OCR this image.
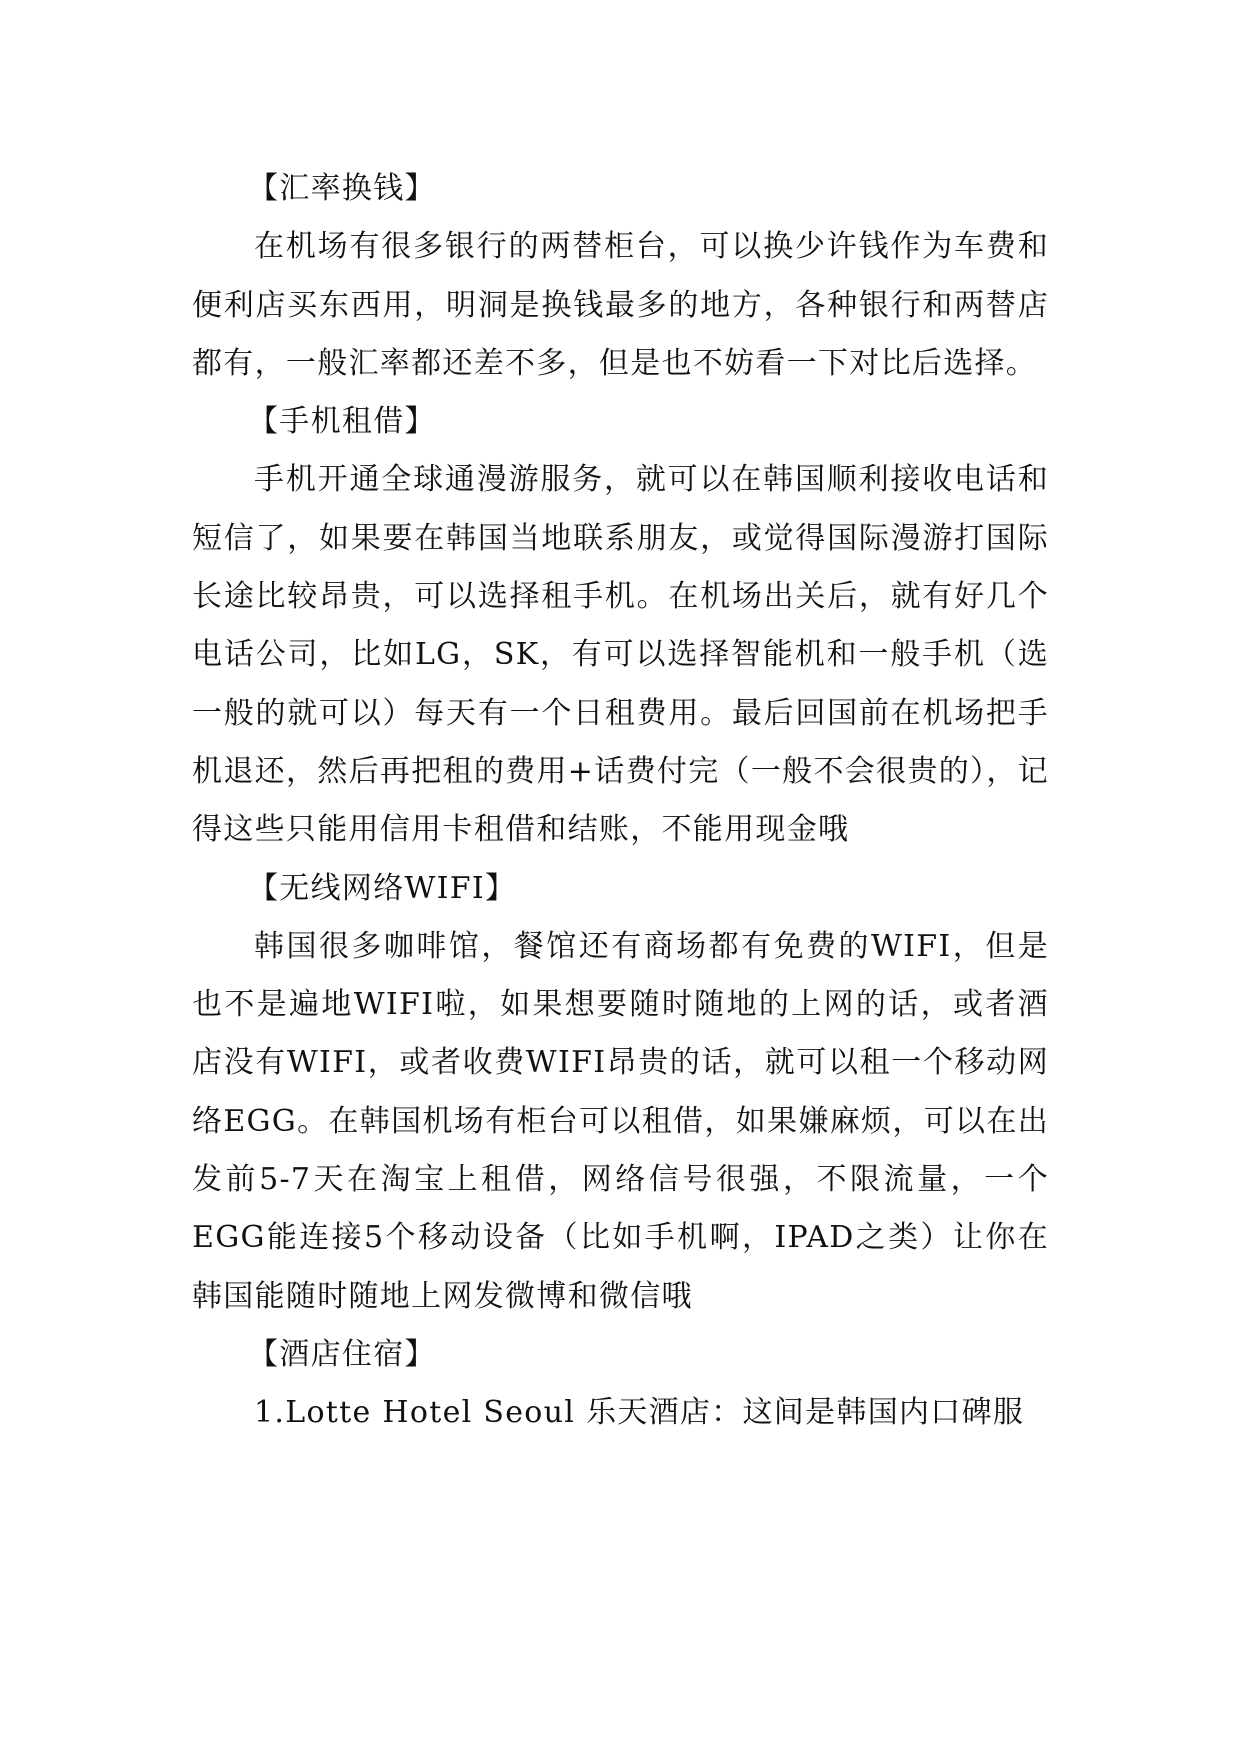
【汇率换钱】

在机场有很多银行的两替柜台，可以换少许钱作为车费和便利店买东西用，明洞是换钱最多的地方，各种银行和两替店都有，一般汇率都还差不多，但是也不妨看一下对比后选择。

【手机租借】

手机开通全球通漫游服务，就可以在韩国顺利接收电话和短信了，如果要在韩国当地联系朋友，或觉得国际漫游打国际长途比较昂贵，可以选择租手机。在机场出关后，就有好几个电话公司，比如LG，SK，有可以选择智能机和一般手机（选一般的就可以）每天有一个日租费用。最后回国前在机场把手机退还，然后再把租的费用+话费付完（一般不会很贵的），记得这些只能用信用卡租借和结账，不能用现金哦

【无线网络WIFI】

韩国很多咖啡馆，餐馆还有商场都有免费的WIFI，但是也不是遍地WIFI啦，如果想要随时随地的上网的话，或者酒店没有WIFI，或者收费WIFI昂贵的话，就可以租一个移动网络EGG。在韩国机场有柜台可以租借，如果嫌麻烦，可以在出发前5-7天在淘宝上租借，网络信号很强，不限流量，一个EGG能连接5个移动设备（比如手机啊，IPAD之类）让你在韩国能随时随地上网发微博和微信哦

【酒店住宿】

1.Lotte Hotel Seoul 乐天酒店：这间是韩国内口碑服
